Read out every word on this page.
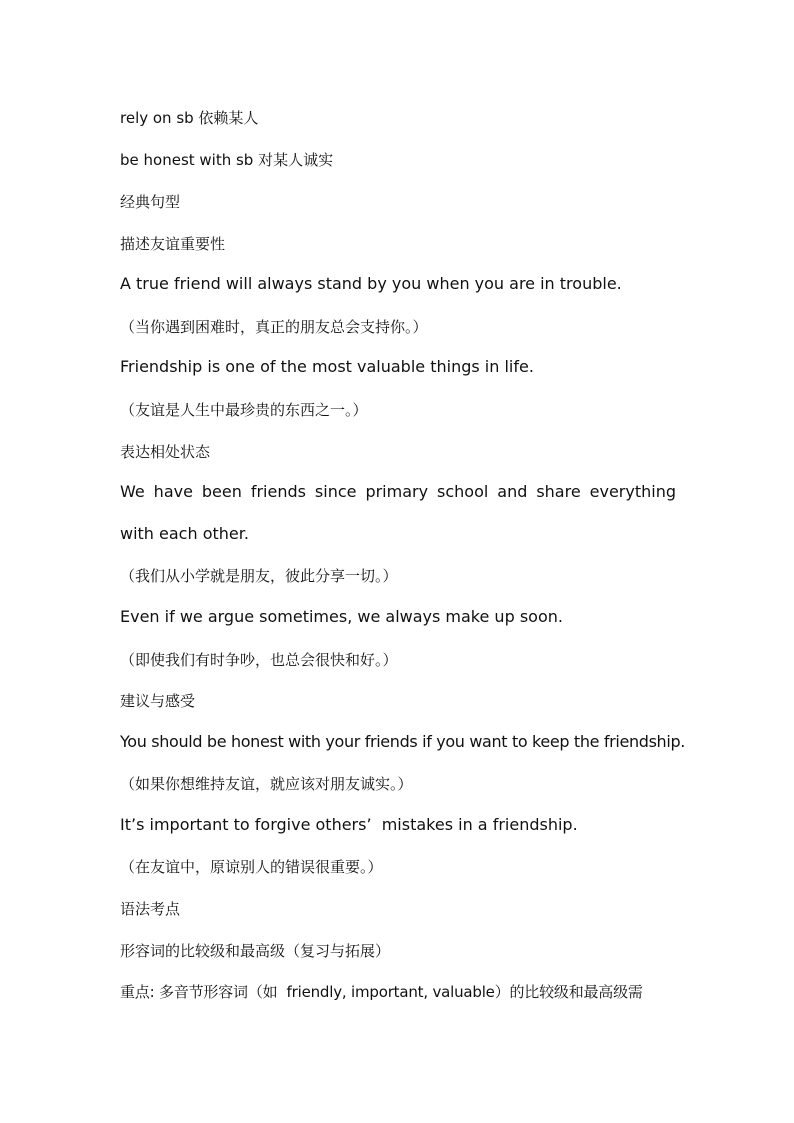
rely on sb 依赖某人
be honest with sb 对某人诚实
经典句型
描述友谊重要性
A true friend will always stand by you when you are in trouble.
（当你遇到困难时，真正的朋友总会支持你。）
Friendship is one of the most valuable things in life.
（友谊是人生中最珍贵的东西之一。）
表达相处状态
We have been friends since primary school and share everything with each other.
（我们从小学就是朋友，彼此分享一切。）
Even if we argue sometimes, we always make up soon.
（即使我们有时争吵，也总会很快和好。）
建议与感受
You should be honest with your friends if you want to keep the friendship.
（如果你想维持友谊，就应该对朋友诚实。）
It’s important to forgive others’  mistakes in a friendship.
（在友谊中，原谅别人的错误很重要。）
语法考点
形容词的比较级和最高级（复习与拓展）
重点: 多音节形容词（如  friendly, important, valuable）的比较级和最高级需
